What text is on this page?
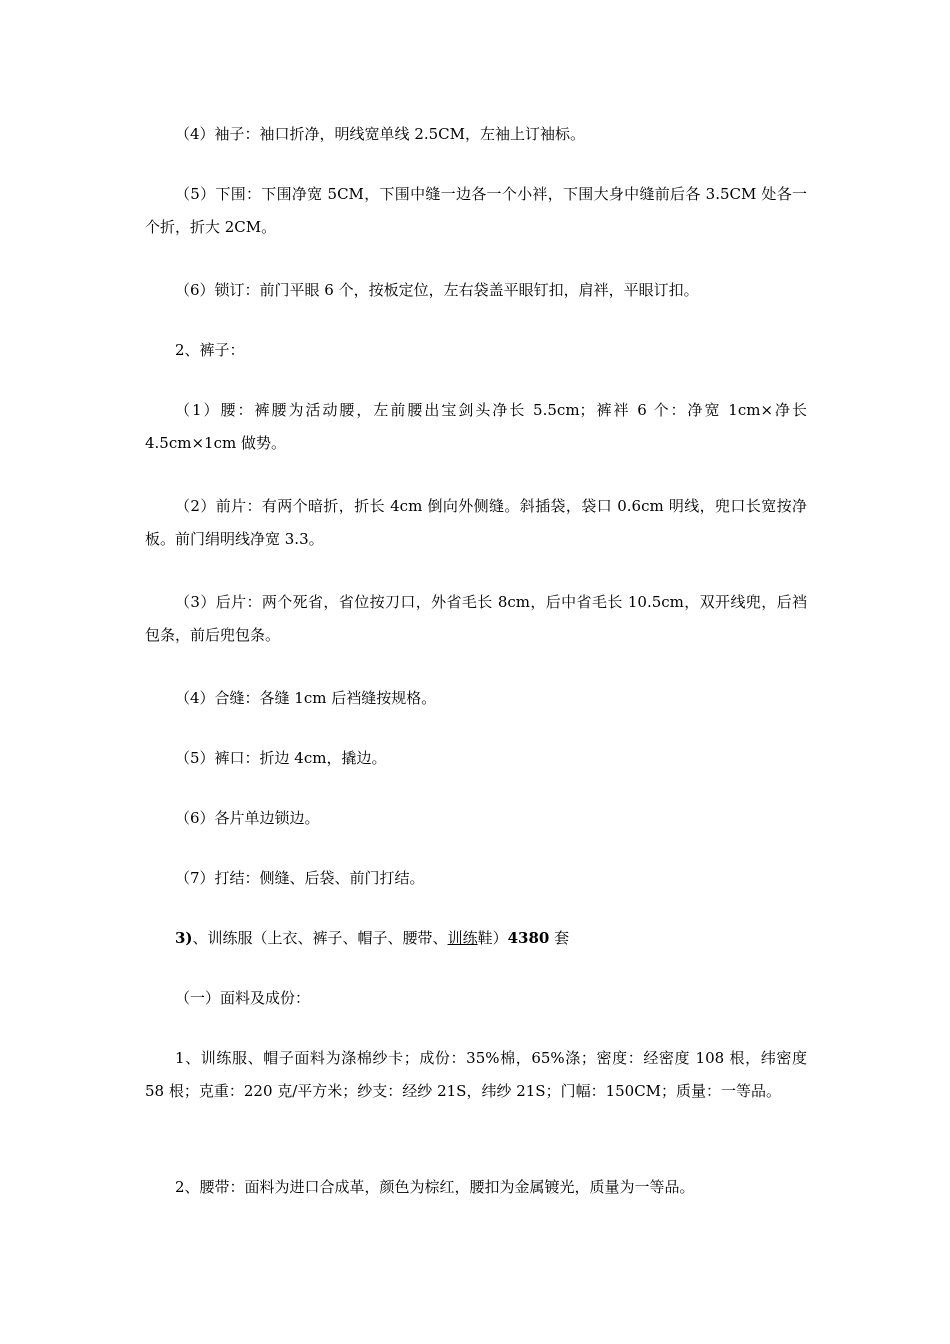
（4）袖子：袖口折净，明线宽单线 2.5CM，左袖上订袖标。

（5）下围：下围净宽 5CM，下围中缝一边各一个小袢，下围大身中缝前后各 3.5CM 处各一个折，折大 2CM。

（6）锁订：前门平眼 6 个，按板定位，左右袋盖平眼钉扣，肩袢，平眼订扣。

2、裤子：

（1）腰：裤腰为活动腰，左前腰出宝剑头净长 5.5cm；裤袢 6 个：净宽 1cm×净长 4.5cm×1cm 做势。

（2）前片：有两个暗折，折长 4cm 倒向外侧缝。斜插袋，袋口 0.6cm 明线，兜口长宽按净板。前门绢明线净宽 3.3。

（3）后片：两个死省，省位按刀口，外省毛长 8cm，后中省毛长 10.5cm，双开线兜，后裆包条，前后兜包条。

（4）合缝：各缝 1cm 后裆缝按规格。

（5）裤口：折边 4cm，撬边。

（6）各片单边锁边。

（7）打结：侧缝、后袋、前门打结。

3)、训练服（上衣、裤子、帽子、腰带、训练鞋）4380 套

（一）面料及成份：

1、训练服、帽子面料为涤棉纱卡；成份：35%棉，65%涤；密度：经密度 108 根，纬密度 58 根；克重：220 克/平方米；纱支：经纱 21S，纬纱 21S；门幅：150CM；质量：一等品。

2、腰带：面料为进口合成革，颜色为棕红，腰扣为金属镀光，质量为一等品。
